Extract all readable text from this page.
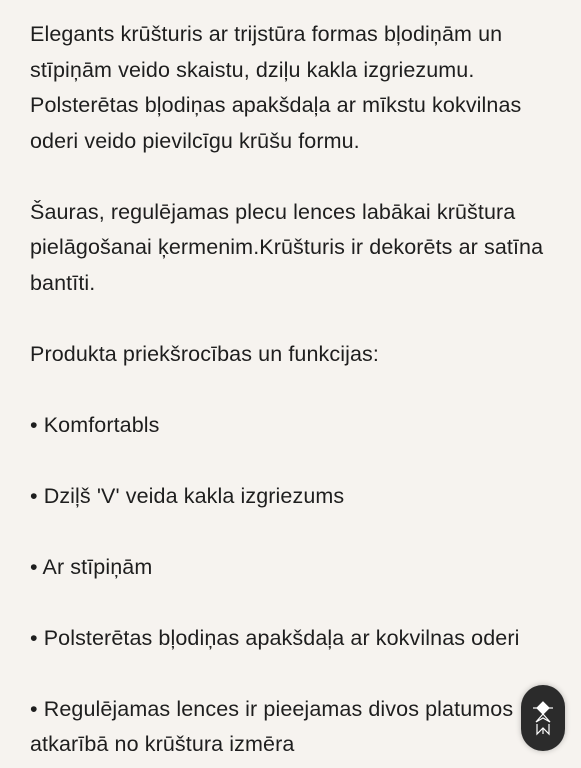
Elegants krūšturis ar trijstūra formas bļodiņām un stīpiņām veido skaistu, dziļu kakla izgriezumu. Polsterētas bļodiņas apakšdaļa ar mīkstu kokvilnas oderi veido pievilcīgu krūšu formu.

Šauras, regulējamas plecu lences labākai krūštura pielāgošanai ķermenim.Krūšturis ir dekorēts ar satīna bantīti.

Produkta priekšrocības un funkcijas:

• Komfortabls

• Dziļš 'V' veida kakla izgriezums

• Ar stīpiņām

• Polsterētas bļodiņas apakšdaļa ar kokvilnas oderi

• Regulējamas lences ir pieejamas divos platumos atkarībā no krūštura izmēra
